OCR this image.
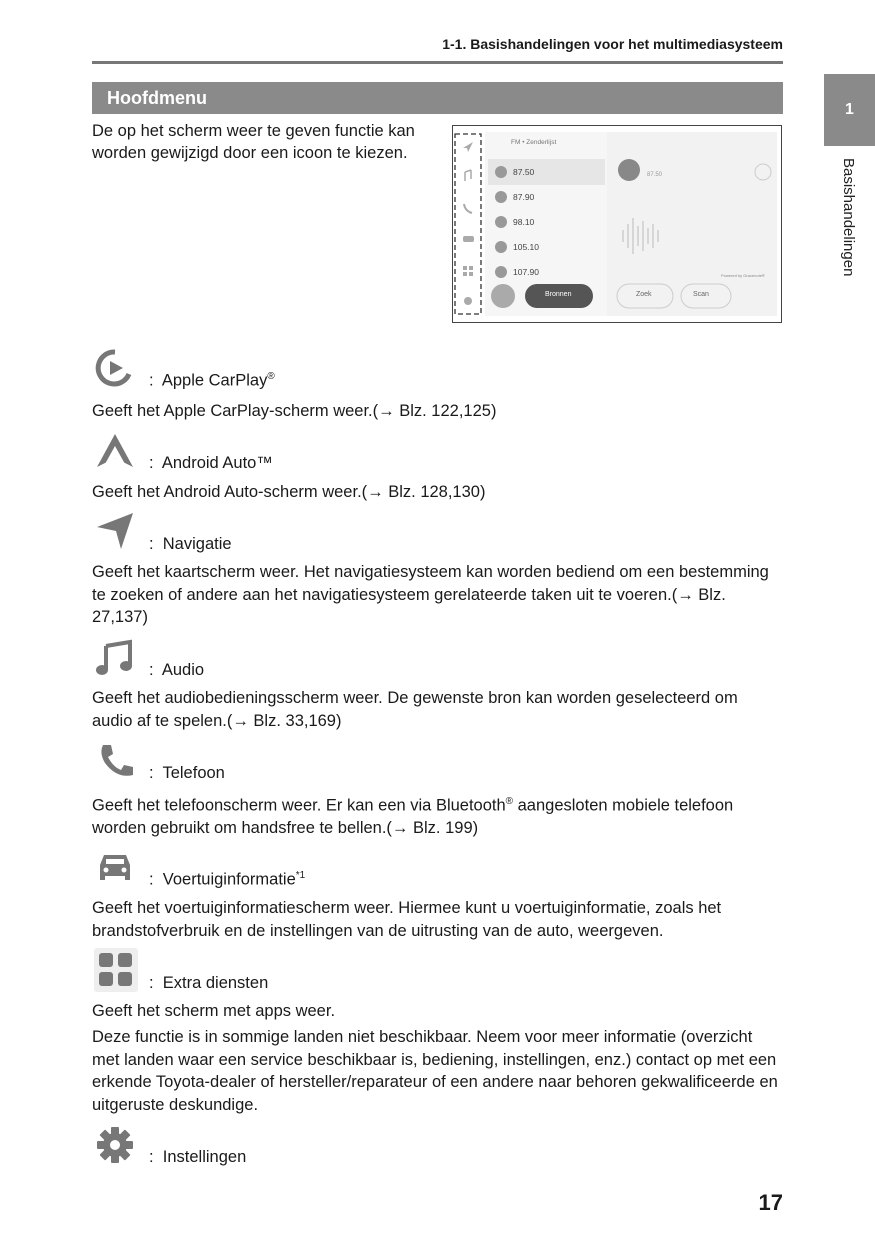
1-1. Basishandelingen voor het multimediasysteem
Hoofdmenu
1
Basishandelingen
De op het scherm weer te geven functie kan worden gewijzigd door een icoon te kiezen.
FM • Zenderlijst
87.50
87.90
98.10
105.10
107.90
87.50
Bronnen	Zoek	Scan
Powered by Gracenote®
: Apple CarPlay®
Geeft het Apple CarPlay-scherm weer.(→ Blz. 122,125)
: Android Auto™
Geeft het Android Auto-scherm weer.(→ Blz. 128,130)
: Navigatie
Geeft het kaartscherm weer. Het navigatiesysteem kan worden bediend om een bestemming te zoeken of andere aan het navigatiesysteem gerelateerde taken uit te voeren.(→ Blz. 27,137)
: Audio
Geeft het audiobedieningsscherm weer. De gewenste bron kan worden geselecteerd om audio af te spelen.(→ Blz. 33,169)
: Telefoon
Geeft het telefoonscherm weer. Er kan een via Bluetooth® aangesloten mobiele telefoon worden gebruikt om handsfree te bellen.(→ Blz. 199)
: Voertuiginformatie$^{*1}$
Geeft het voertuiginformatiescherm weer. Hiermee kunt u voertuiginformatie, zoals het brandstofverbruik en de instellingen van de uitrusting van de auto, weergeven.
: Extra diensten
Geeft het scherm met apps weer.
Deze functie is in sommige landen niet beschikbaar. Neem voor meer informatie (overzicht met landen waar een service beschikbaar is, bediening, instellingen, enz.) contact op met een erkende Toyota-dealer of hersteller/reparateur of een andere naar behoren gekwalificeerde en uitgeruste deskundige.
: Instellingen
17
